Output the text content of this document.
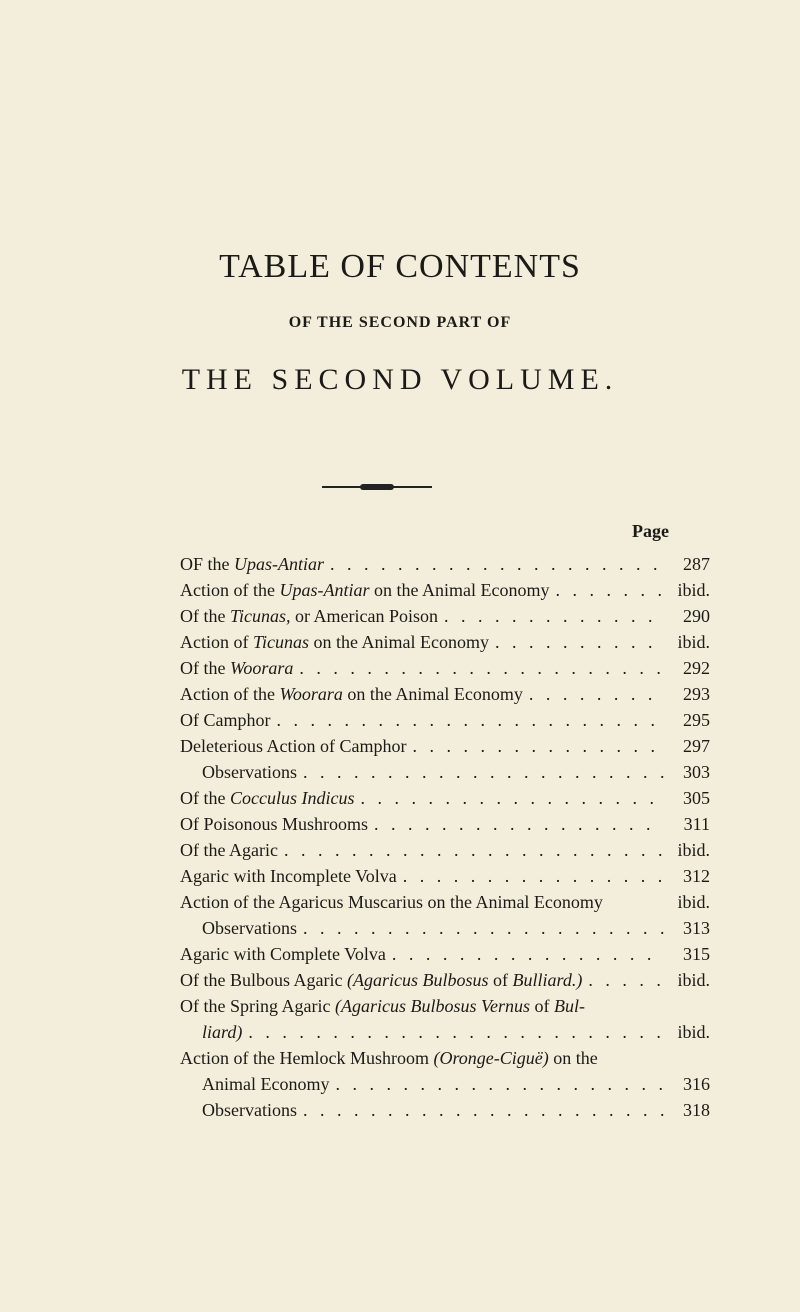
TABLE OF CONTENTS
OF THE SECOND PART OF
THE SECOND VOLUME.
Page
OF the Upas-Antiar . . .	287
Action of the Upas-Antiar on the Animal Economy . . .	ibid.
Of the Ticunas, or American Poison . . .	290
Action of Ticunas on the Animal Economy . . .	ibid.
Of the Woorara . . .	292
Action of the Woorara on the Animal Economy . . .	293
Of Camphor . . .	295
Deleterious Action of Camphor . . .	297
Observations . . .	303
Of the Cocculus Indicus . . .	305
Of Poisonous Mushrooms . . .	311
Of the Agaric . . .	ibid.
Agaric with Incomplete Volva . . .	312
Action of the Agaricus Muscarius on the Animal Economy	ibid.
Observations . . .	313
Agaric with Complete Volva . . .	315
Of the Bulbous Agaric (Agaricus Bulbosus of Bulliard.) . . .	ibid.
Of the Spring Agaric (Agaricus Bulbosus Vernus of Bul-
liard) . . .	ibid.
Action of the Hemlock Mushroom (Oronge-Ciguë) on the
Animal Economy . . .	316
Observations . . .	318
